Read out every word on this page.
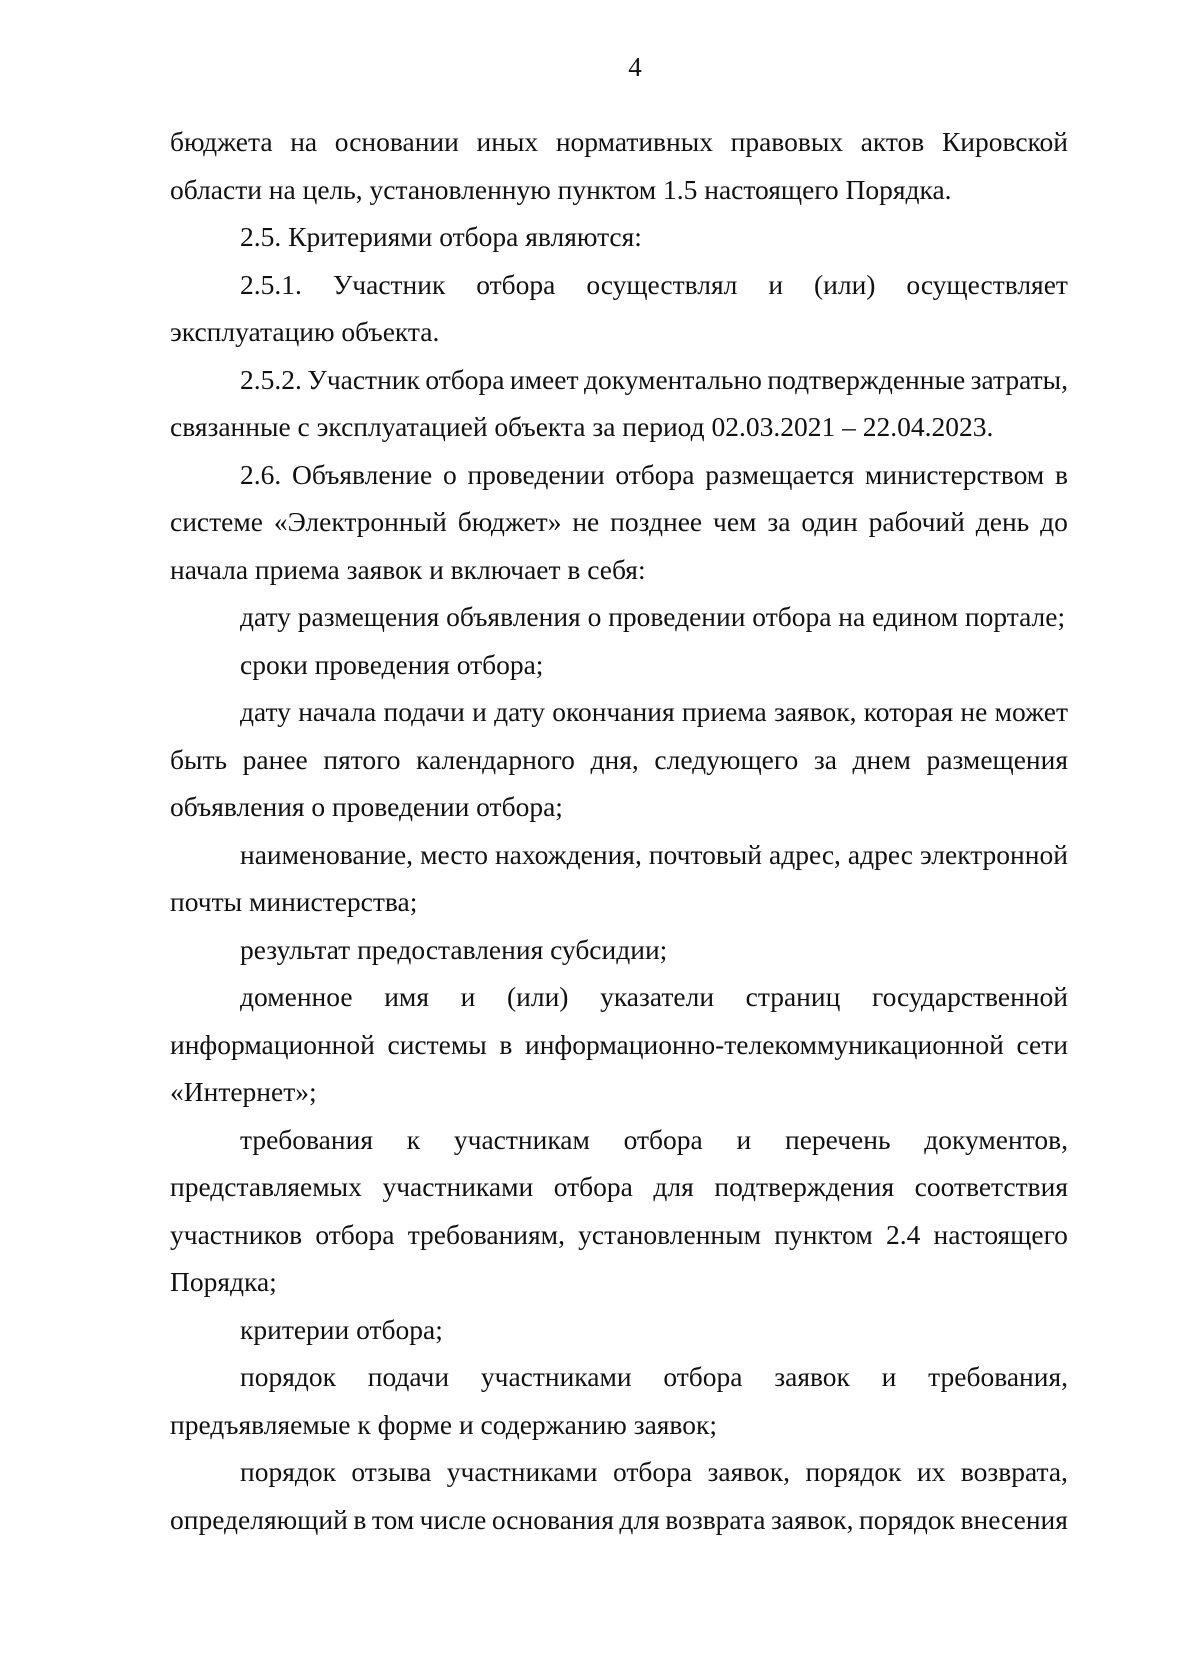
4
бюджета на основании иных нормативных правовых актов Кировской
области на цель, установленную пунктом 1.5 настоящего Порядка.
2.5. Критериями отбора являются:
2.5.1. Участник отбора осуществлял и (или) осуществляет
эксплуатацию объекта.
2.5.2. Участник отбора имеет документально подтвержденные затраты,
связанные с эксплуатацией объекта за период 02.03.2021 – 22.04.2023.
2.6. Объявление о проведении отбора размещается министерством в
системе «Электронный бюджет» не позднее чем за один рабочий день до
начала приема заявок и включает в себя:
дату размещения объявления о проведении отбора на едином портале;
сроки проведения отбора;
дату начала подачи и дату окончания приема заявок, которая не может
быть ранее пятого календарного дня, следующего за днем размещения
объявления о проведении отбора;
наименование, место нахождения, почтовый адрес, адрес электронной
почты министерства;
результат предоставления субсидии;
доменное имя и (или) указатели страниц государственной
информационной системы в информационно-телекоммуникационной сети
«Интернет»;
требования к участникам отбора и перечень документов,
представляемых участниками отбора для подтверждения соответствия
участников отбора требованиям, установленным пунктом 2.4 настоящего
Порядка;
критерии отбора;
порядок подачи участниками отбора заявок и требования,
предъявляемые к форме и содержанию заявок;
порядок отзыва участниками отбора заявок, порядок их возврата,
определяющий в том числе основания для возврата заявок, порядок внесения
